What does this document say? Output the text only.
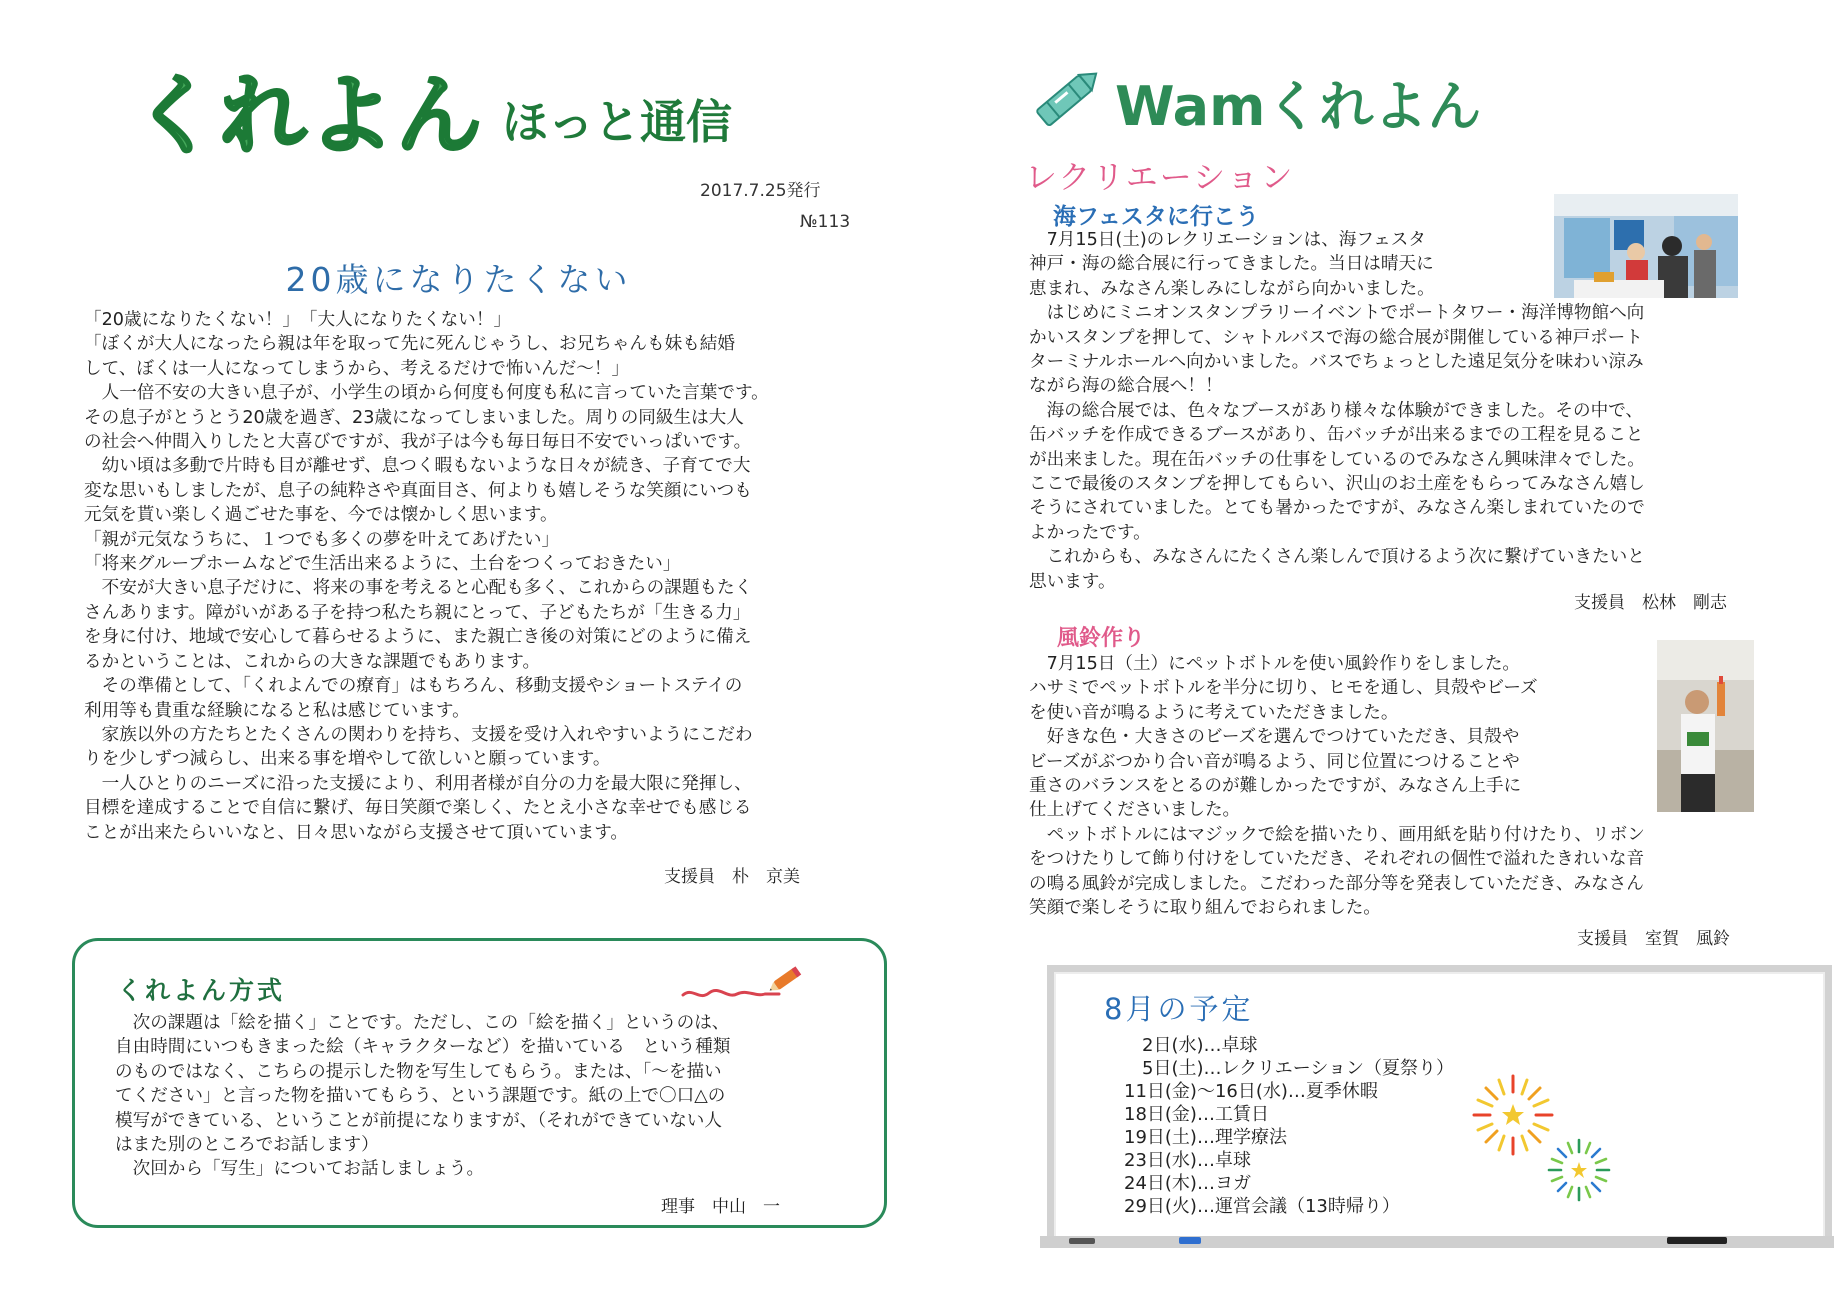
くれよん ほっと通信
2017.7.25発行
№113
20歳になりたくない
「20歳になりたくない！」　「大人になりたくない！」
「ぼくが大人になったら親は年を取って先に死んじゃうし、お兄ちゃんも妹も結婚
して、ぼくは一人になってしまうから、考えるだけで怖いんだ～！」
　人一倍不安の大きい息子が、小学生の頃から何度も何度も私に言っていた言葉です。
その息子がとうとう20歳を過ぎ、23歳になってしまいました。周りの同級生は大人
の社会へ仲間入りしたと大喜びですが、我が子は今も毎日毎日不安でいっぱいです。
　幼い頃は多動で片時も目が離せず、息つく暇もないような日々が続き、子育てで大
変な思いもしましたが、息子の純粋さや真面目さ、何よりも嬉しそうな笑顔にいつも
元気を貰い楽しく過ごせた事を、今では懐かしく思います。
「親が元気なうちに、１つでも多くの夢を叶えてあげたい」
「将来グループホームなどで生活出来るように、土台をつくっておきたい」
　不安が大きい息子だけに、将来の事を考えると心配も多く、これからの課題もたく
さんあります。障がいがある子を持つ私たち親にとって、子どもたちが「生きる力」
を身に付け、地域で安心して暮らせるように、また親亡き後の対策にどのように備え
るかということは、これからの大きな課題でもあります。
　その準備として、「くれよんでの療育」はもちろん、移動支援やショートステイの
利用等も貴重な経験になると私は感じています。
　家族以外の方たちとたくさんの関わりを持ち、支援を受け入れやすいようにこだわ
りを少しずつ減らし、出来る事を増やして欲しいと願っています。
　一人ひとりのニーズに沿った支援により、利用者様が自分の力を最大限に発揮し、
目標を達成することで自信に繋げ、毎日笑顔で楽しく、たとえ小さな幸せでも感じる
ことが出来たらいいなと、日々思いながら支援させて頂いています。
支援員　朴　京美
くれよん方式
　次の課題は「絵を描く」ことです。ただし、この「絵を描く」というのは、
自由時間にいつもきまった絵（キャラクターなど）を描いている　という種類
のものではなく、こちらの提示した物を写生してもらう。または、「～を描い
てください」と言った物を描いてもらう、という課題です。紙の上で〇口△の
模写ができている、ということが前提になりますが、（それができていない人
はまた別のところでお話します）
　次回から「写生」についてお話しましょう。
理事　中山　一
Wamくれよん
レクリエーション
海フェスタに行こう
　7月15日(土)のレクリエーションは、海フェスタ
神戸・海の総合展に行ってきました。当日は晴天に
恵まれ、みなさん楽しみにしながら向かいました。
　はじめにミニオンスタンプラリーイベントでポートタワー・海洋博物館へ向
かいスタンプを押して、シャトルバスで海の総合展が開催している神戸ポート
ターミナルホールへ向かいました。バスでちょっとした遠足気分を味わい涼み
ながら海の総合展へ！！
　海の総合展では、色々なブースがあり様々な体験ができました。その中で、
缶バッチを作成できるブースがあり、缶バッチが出来るまでの工程を見ること
が出来ました。現在缶バッチの仕事をしているのでみなさん興味津々でした。
ここで最後のスタンプを押してもらい、沢山のお土産をもらってみなさん嬉し
そうにされていました。とても暑かったですが、みなさん楽しまれていたので
よかったです。
　これからも、みなさんにたくさん楽しんで頂けるよう次に繋げていきたいと
思います。
支援員　松林　剛志
風鈴作り
　7月15日（土）にペットボトルを使い風鈴作りをしました。
ハサミでペットボトルを半分に切り、ヒモを通し、貝殻やビーズ
を使い音が鳴るように考えていただきました。
　好きな色・大きさのビーズを選んでつけていただき、貝殻や
ビーズがぶつかり合い音が鳴るよう、同じ位置につけることや
重さのバランスをとるのが難しかったですが、みなさん上手に
仕上げてくださいました。
　ペットボトルにはマジックで絵を描いたり、画用紙を貼り付けたり、リボン
をつけたりして飾り付けをしていただき、それぞれの個性で溢れたきれいな音
の鳴る風鈴が完成しました。こだわった部分等を発表していただき、みなさん
笑顔で楽しそうに取り組んでおられました。
支援員　室賀　風鈴
8月の予定
　2日(水)…卓球
　5日(土)…レクリエーション（夏祭り）
11日(金)～16日(水)…夏季休暇
18日(金)…工賃日
19日(土)…理学療法
23日(水)…卓球
24日(木)…ヨガ
29日(火)…運営会議（13時帰り）
